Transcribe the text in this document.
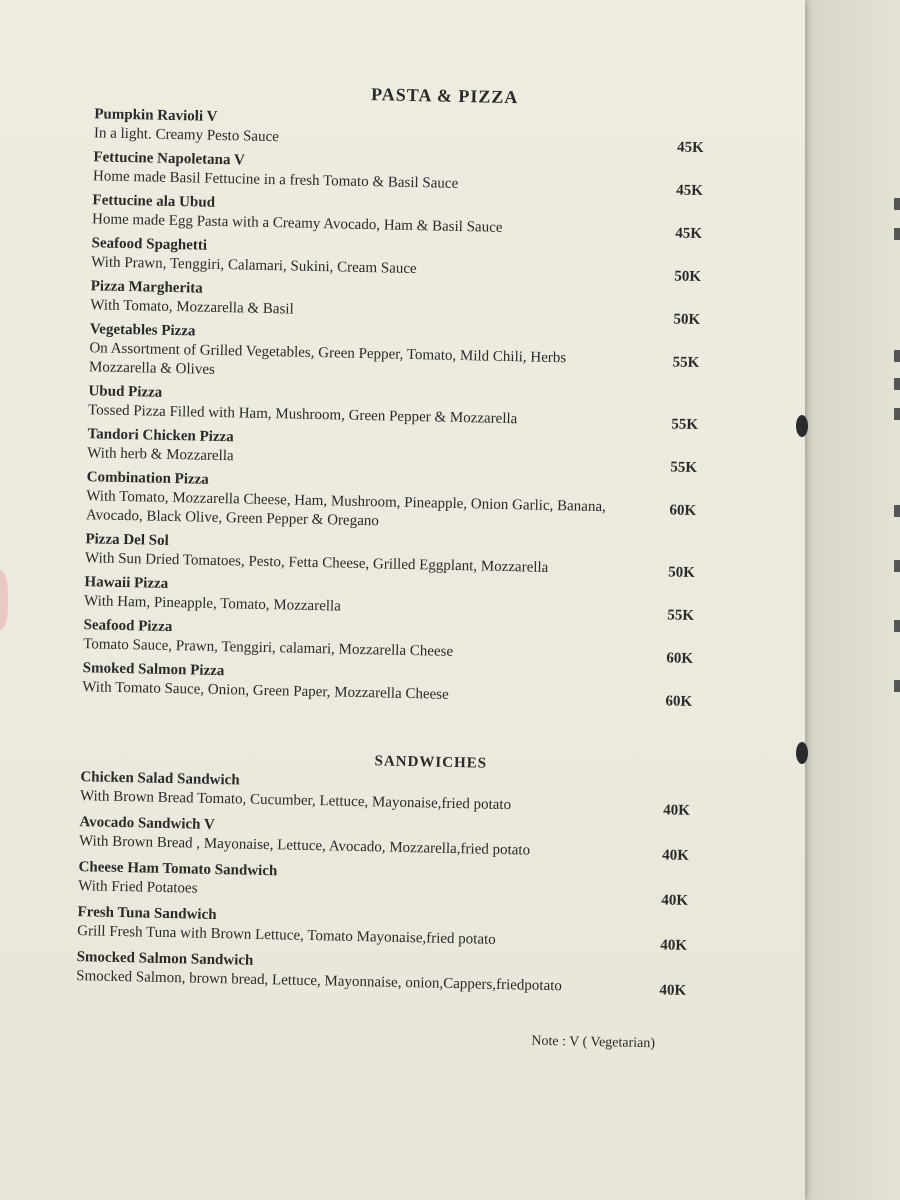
PASTA & PIZZA
Pumpkin Ravioli V
In a light. Creamy Pesto Sauce
45K
Fettucine Napoletana V
Home made Basil Fettucine in a fresh Tomato & Basil Sauce	45K
Fettucine ala Ubud
Home made Egg Pasta with a Creamy Avocado, Ham & Basil Sauce	45K
Seafood Spaghetti
With Prawn, Tenggiri, Calamari, Sukini, Cream Sauce	50K
Pizza Margherita
With Tomato, Mozzarella & Basil
50K
Vegetables Pizza
On Assortment of Grilled Vegetables, Green Pepper, Tomato, Mild Chili, Herbs Mozzarella & Olives	55K
Ubud Pizza
Tossed Pizza Filled with Ham, Mushroom, Green Pepper & Mozzarella	55K
Tandori Chicken Pizza
With herb & Mozzarella
55K
Combination Pizza
With Tomato, Mozzarella Cheese, Ham, Mushroom, Pineapple, Onion Garlic, Banana, Avocado, Black Olive, Green Pepper & Oregano	60K
Pizza Del Sol
With Sun Dried Tomatoes, Pesto, Fetta Cheese, Grilled Eggplant, Mozzarella	50K
Hawaii Pizza
With Ham, Pineapple, Tomato, Mozzarella
55K
Seafood Pizza
Tomato Sauce, Prawn, Tenggiri, calamari, Mozzarella Cheese	60K
Smoked Salmon Pizza
With Tomato Sauce, Onion, Green Paper, Mozzarella Cheese	60K
SANDWICHES
Chicken Salad Sandwich
With Brown Bread Tomato, Cucumber, Lettuce, Mayonaise,fried potato	40K
Avocado Sandwich V
With Brown Bread , Mayonaise, Lettuce, Avocado, Mozzarella,fried potato	40K
Cheese Ham Tomato Sandwich
With Fried Potatoes
40K
Fresh Tuna Sandwich
Grill Fresh Tuna with Brown Lettuce, Tomato Mayonaise,fried potato	40K
Smocked Salmon Sandwich
Smocked Salmon, brown bread, Lettuce, Mayonnaise, onion,Cappers,friedpotato	40K
Note : V ( Vegetarian)
